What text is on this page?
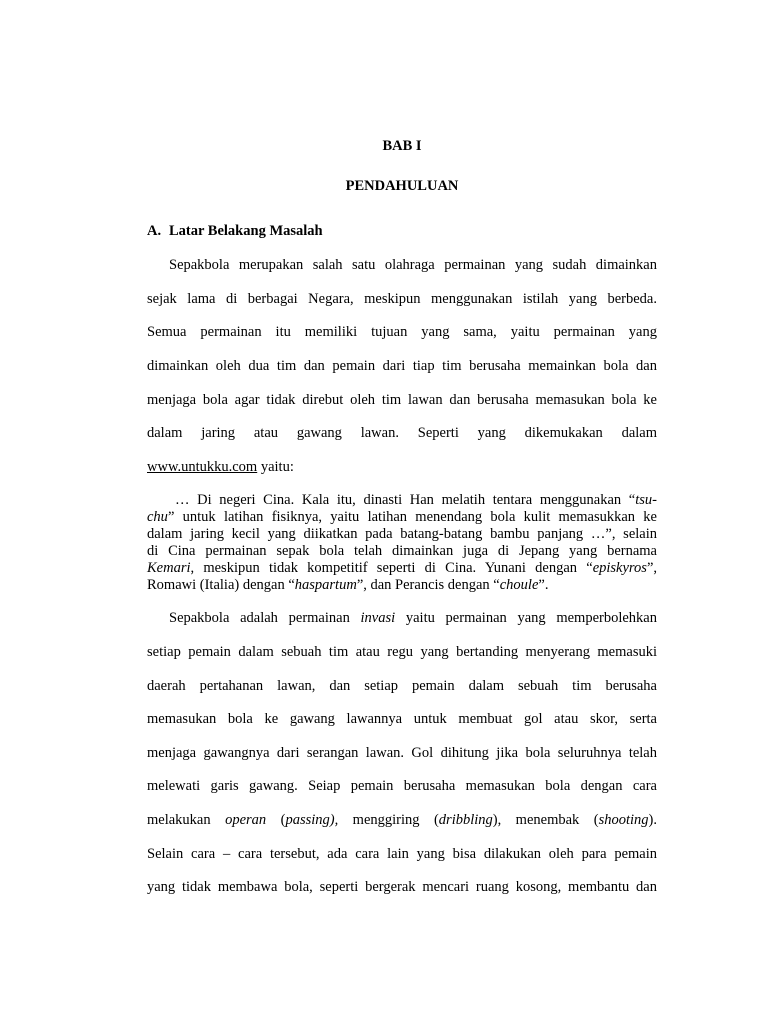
BAB I
PENDAHULUAN
A. Latar Belakang Masalah
Sepakbola merupakan salah satu olahraga permainan yang sudah dimainkan
sejak lama di berbagai Negara, meskipun menggunakan istilah yang berbeda.
Semua permainan itu memiliki tujuan yang sama, yaitu permainan yang
dimainkan oleh dua tim dan pemain dari tiap tim berusaha memainkan bola dan
menjaga bola agar tidak direbut oleh tim lawan dan berusaha memasukan bola ke
dalam jaring atau gawang lawan. Seperti yang dikemukakan dalam
www.untukku.com yaitu:
… Di negeri Cina. Kala itu, dinasti Han melatih tentara menggunakan “tsu-
chu” untuk latihan fisiknya, yaitu latihan menendang bola kulit memasukkan ke
dalam jaring kecil yang diikatkan pada batang-batang bambu panjang …”, selain
di Cina permainan sepak bola telah dimainkan juga di Jepang yang bernama
Kemari, meskipun tidak kompetitif seperti di Cina. Yunani dengan “episkyros”,
Romawi (Italia) dengan “haspartum”, dan Perancis dengan “choule”.
Sepakbola adalah permainan invasi yaitu permainan yang memperbolehkan
setiap pemain dalam sebuah tim atau regu yang bertanding menyerang memasuki
daerah pertahanan lawan, dan setiap pemain dalam sebuah tim berusaha
memasukan bola ke gawang lawannya untuk membuat gol atau skor, serta
menjaga gawangnya dari serangan lawan. Gol dihitung jika bola seluruhnya telah
melewati garis gawang. Seiap pemain berusaha memasukan bola dengan cara
melakukan operan (passing), menggiring (dribbling), menembak (shooting).
Selain cara – cara tersebut, ada cara lain yang bisa dilakukan oleh para pemain
yang tidak membawa bola, seperti bergerak mencari ruang kosong, membantu dan
